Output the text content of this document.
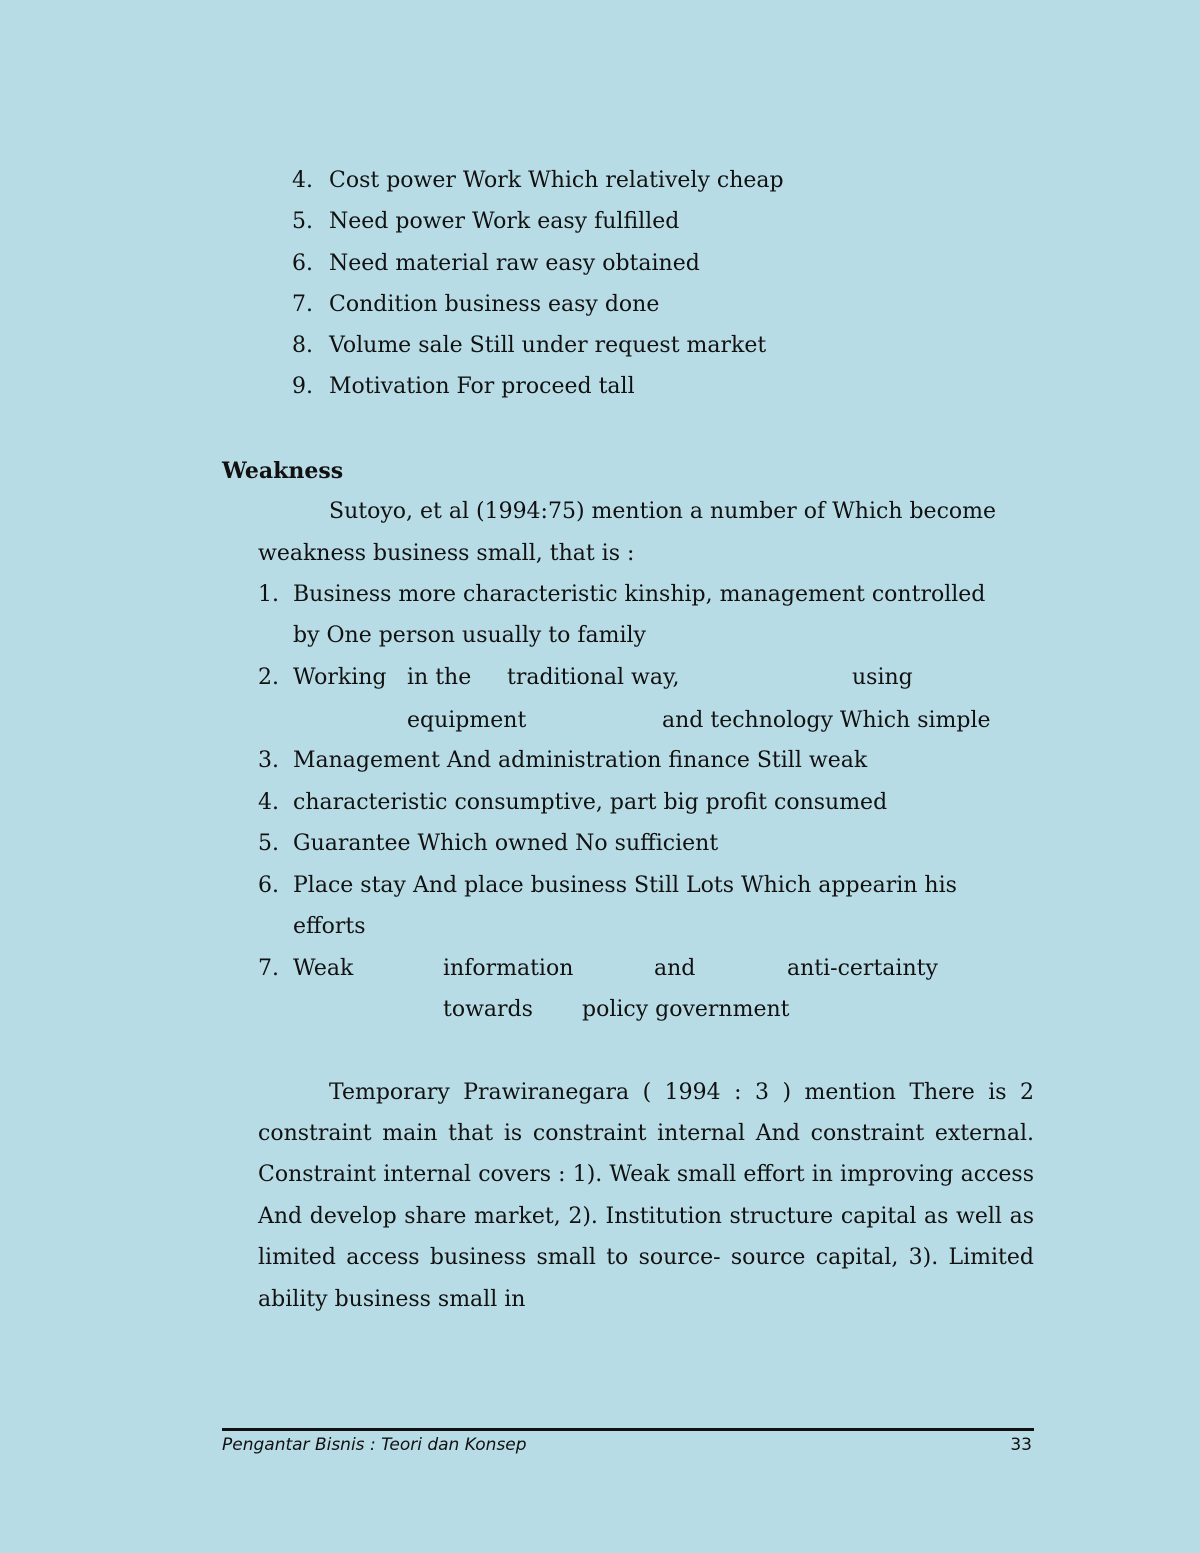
4. Cost power Work Which relatively cheap
5. Need power Work easy fulfilled
6. Need material raw easy obtained
7. Condition business easy done
8. Volume sale Still under request market
9. Motivation For proceed tall
Weakness
Sutoyo, et al (1994:75) mention a number of Which become
weakness business small, that is :
1. Business more characteristic kinship, management controlled
by One person usually to family
2. Working in the traditional way,	using
equipment	and technology Which simple
3. Management And administration finance Still weak
4. characteristic consumptive, part big profit consumed
5. Guarantee Which owned No sufficient
6. Place stay And place business Still Lots Which appearin his
efforts
7. Weak	information	and	anti-certainty
towards policy government
Temporary Prawiranegara ( 1994 : 3 ) mention There is 2
constraint main that is constraint internal And constraint external.
Constraint internal covers : 1). Weak small effort in improving access
And develop share market, 2). Institution structure capital as well as
limited access business small to source- source capital, 3). Limited
ability business small in
Pengantar Bisnis : Teori dan Konsep	33
